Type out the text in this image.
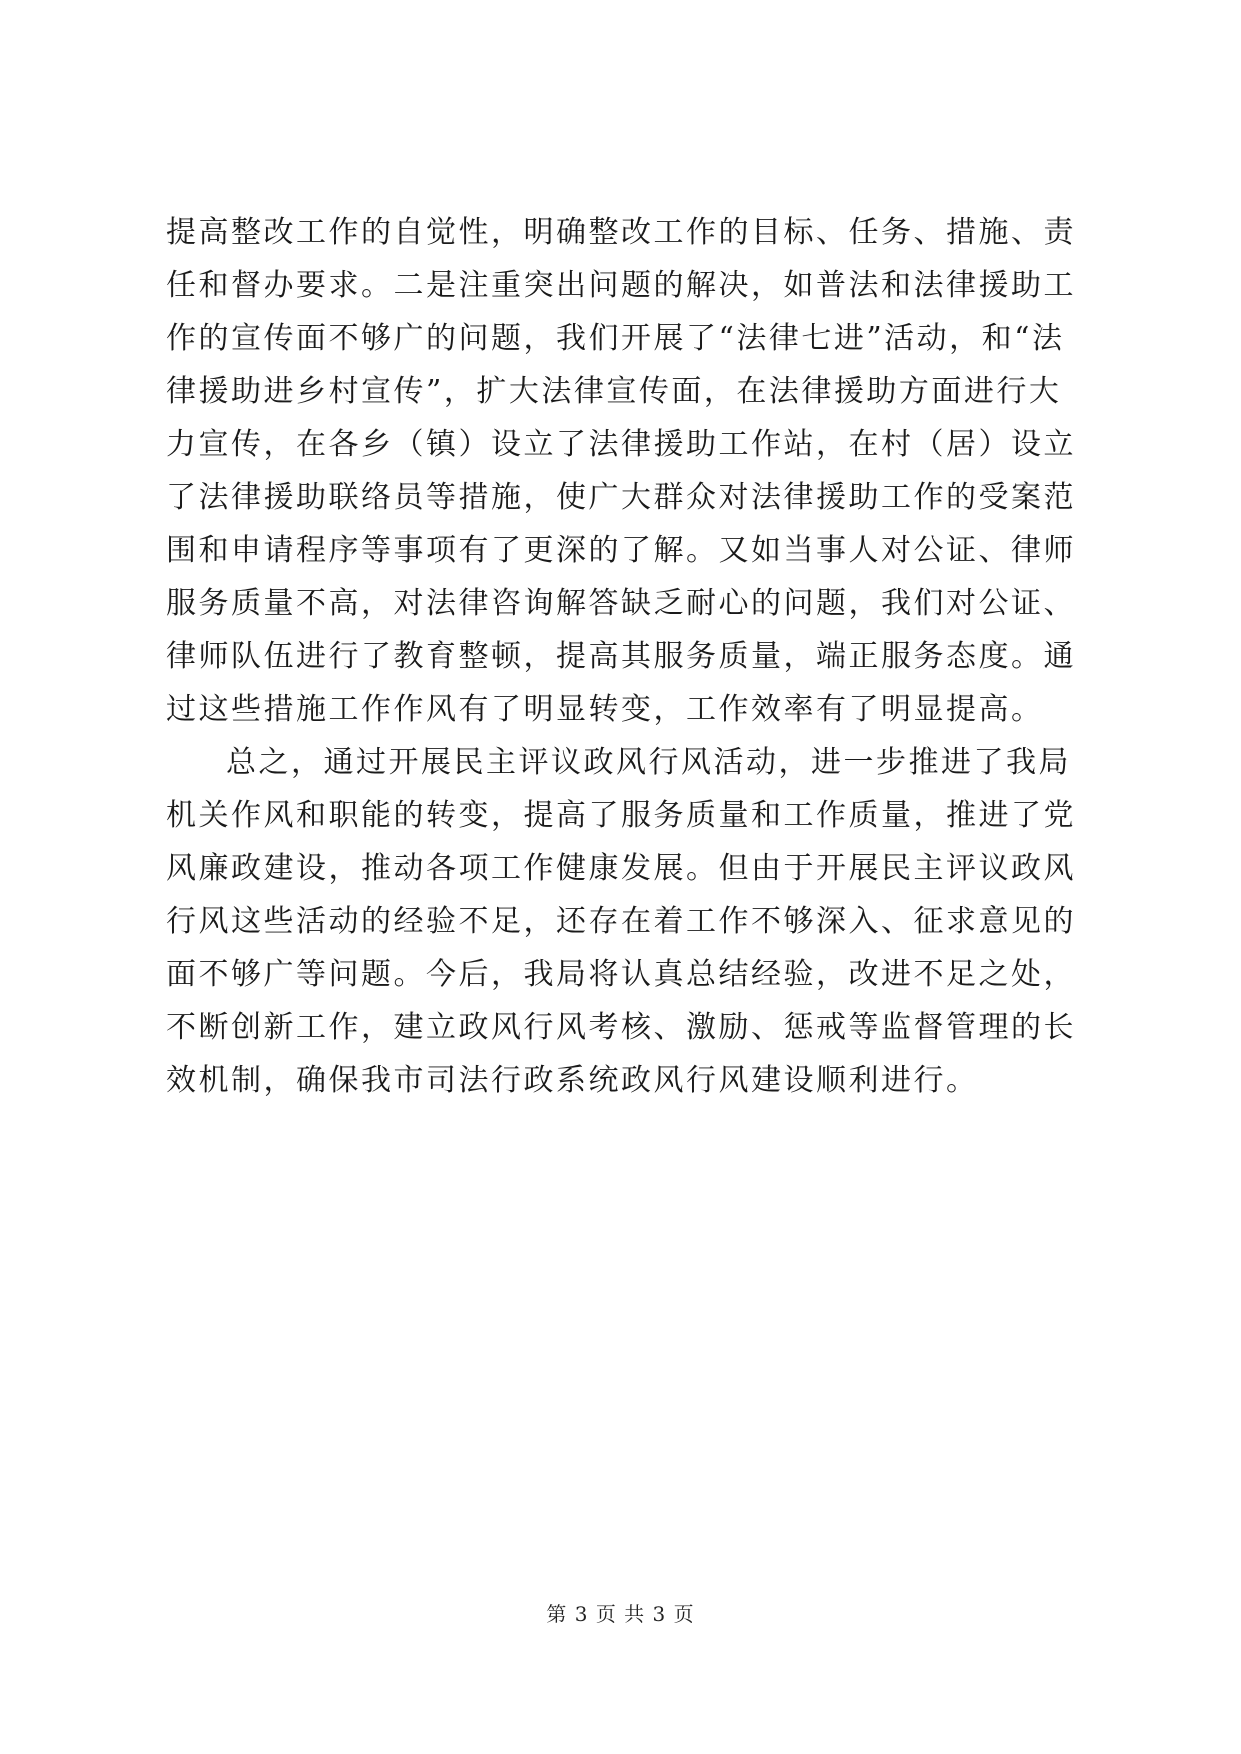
提高整改工作的自觉性，明确整改工作的目标、任务、措施、责
任和督办要求。二是注重突出问题的解决，如普法和法律援助工
作的宣传面不够广的问题，我们开展了“法律七进”活动，和“法
律援助进乡村宣传”，扩大法律宣传面，在法律援助方面进行大
力宣传，在各乡（镇）设立了法律援助工作站，在村（居）设立
了法律援助联络员等措施，使广大群众对法律援助工作的受案范
围和申请程序等事项有了更深的了解。又如当事人对公证、律师
服务质量不高，对法律咨询解答缺乏耐心的问题，我们对公证、
律师队伍进行了教育整顿，提高其服务质量，端正服务态度。通
过这些措施工作作风有了明显转变，工作效率有了明显提高。
总之，通过开展民主评议政风行风活动，进一步推进了我局
机关作风和职能的转变，提高了服务质量和工作质量，推进了党
风廉政建设，推动各项工作健康发展。但由于开展民主评议政风
行风这些活动的经验不足，还存在着工作不够深入、征求意见的
面不够广等问题。今后，我局将认真总结经验，改进不足之处，
不断创新工作，建立政风行风考核、激励、惩戒等监督管理的长
效机制，确保我市司法行政系统政风行风建设顺利进行。
第 3 页 共 3 页
